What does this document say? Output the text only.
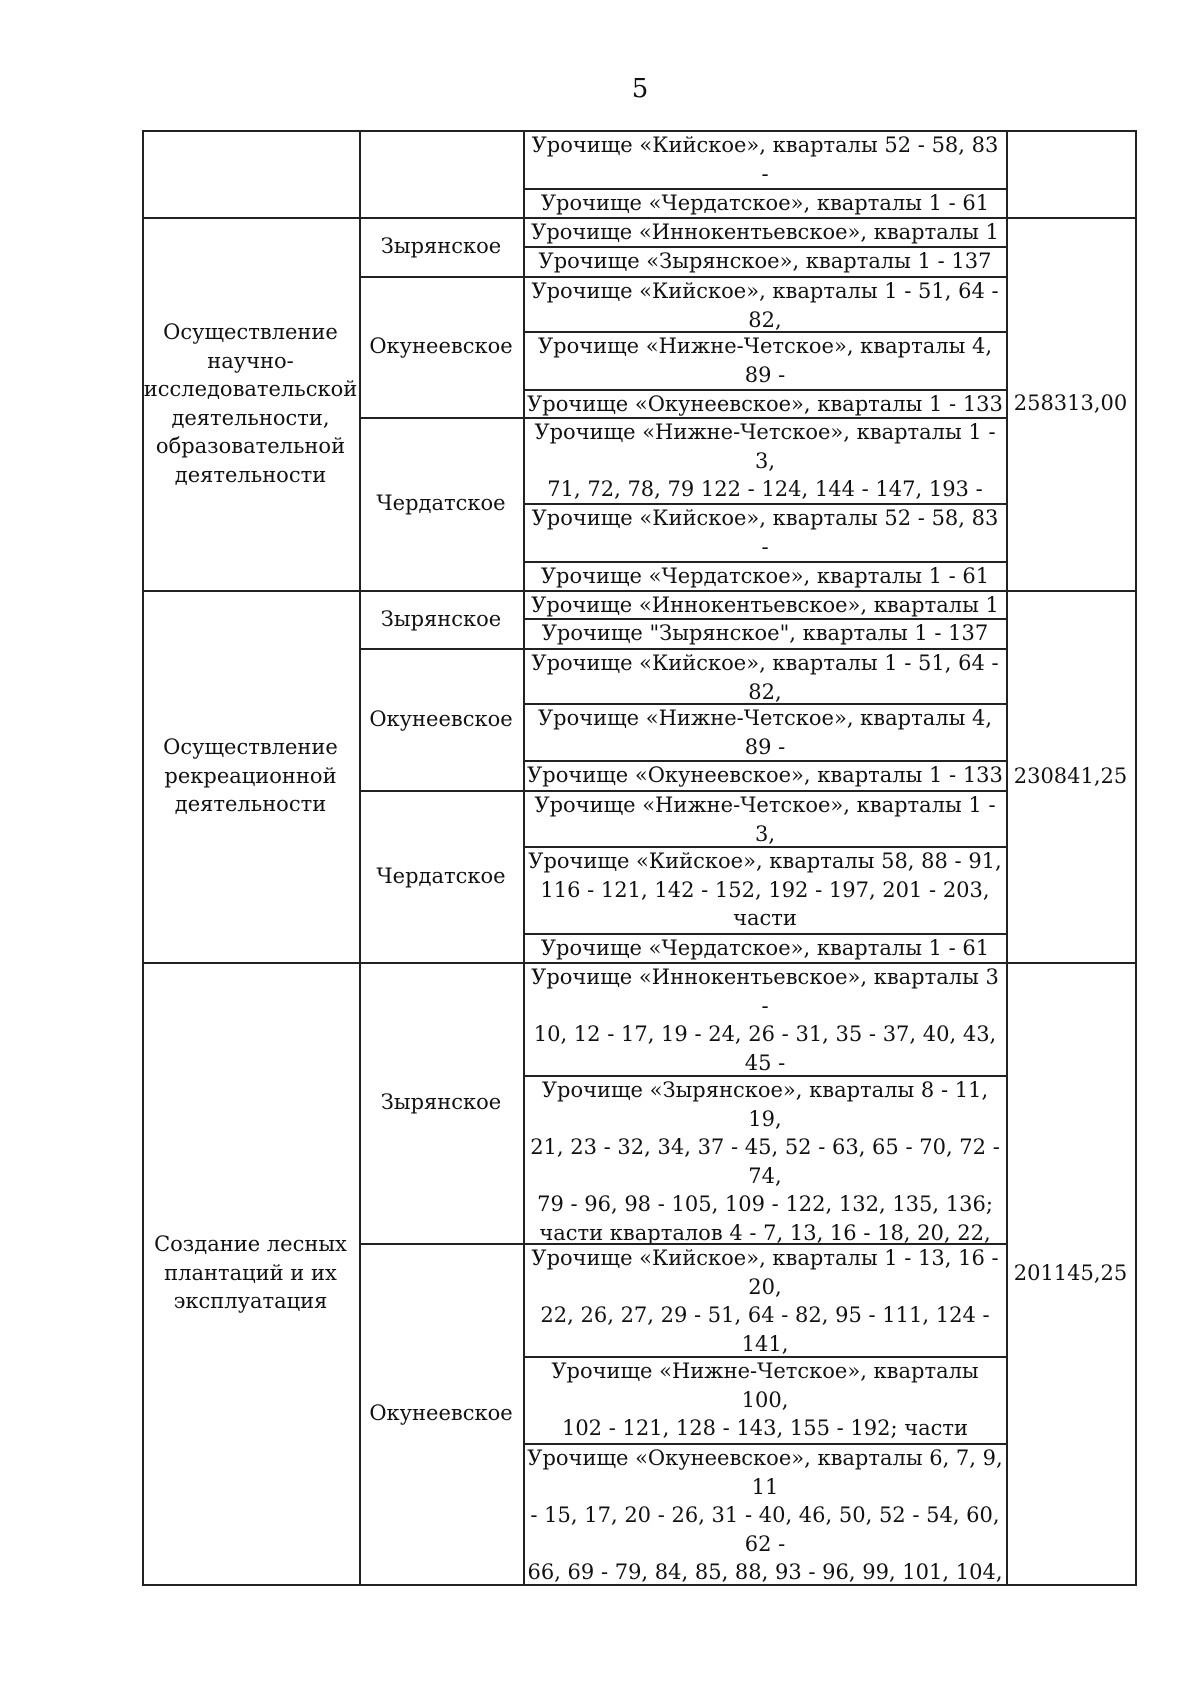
5
Урочище «Кийское», кварталы 52 - 58, 83 -

Урочище «Чердатское», кварталы 1 - 61
Осуществление
научно-
исследовательской
деятельности,
образовательной
деятельности
258313,00
Зырянское
Урочище «Иннокентьевское», кварталы 1
Урочище «Зырянское», кварталы 1 - 137
Окунеевское
Урочище «Кийское», кварталы 1 - 51, 64 - 82,

Урочище «Нижне-Четское», кварталы 4, 89 -

Урочище «Окунеевское», кварталы 1 - 133
Чердатское
Урочище «Нижне-Четское», кварталы 1 - 3,
71, 72, 78, 79 122 - 124, 144 - 147, 193 -

Урочище «Кийское», кварталы 52 - 58, 83 -

Урочище «Чердатское», кварталы 1 - 61
Осуществление
рекреационной
деятельности
230841,25
Зырянское
Урочище «Иннокентьевское», кварталы 1
Урочище "Зырянское", кварталы 1 - 137
Окунеевское
Урочище «Кийское», кварталы 1 - 51, 64 - 82,

Урочище «Нижне-Четское», кварталы 4, 89 -

Урочище «Окунеевское», кварталы 1 - 133
Чердатское
Урочище «Нижне-Четское», кварталы 1 - 3,

Урочище «Кийское», кварталы 58, 88 - 91,
116 - 121, 142 - 152, 192 - 197, 201 - 203, части

Урочище «Чердатское», кварталы 1 - 61
Создание лесных
плантаций и их
эксплуатация
201145,25
Зырянское
Урочище «Иннокентьевское», кварталы 3 -
10, 12 - 17, 19 - 24, 26 - 31, 35 - 37, 40, 43, 45 -

Урочище «Зырянское», кварталы 8 - 11, 19,
21, 23 - 32, 34, 37 - 45, 52 - 63, 65 - 70, 72 - 74,
79 - 96, 98 - 105, 109 - 122, 132, 135, 136;
части кварталов 4 - 7, 13, 16 - 18, 20, 22,

Окунеевское
Урочище «Кийское», кварталы 1 - 13, 16 - 20,
22, 26, 27, 29 - 51, 64 - 82, 95 - 111, 124 - 141,

Урочище «Нижне-Четское», кварталы 100,
102 - 121, 128 - 143, 155 - 192; части

Урочище «Окунеевское», кварталы 6, 7, 9, 11
- 15, 17, 20 - 26, 31 - 40, 46, 50, 52 - 54, 60, 62 -
66, 69 - 79, 84, 85, 88, 93 - 96, 99, 101, 104,
